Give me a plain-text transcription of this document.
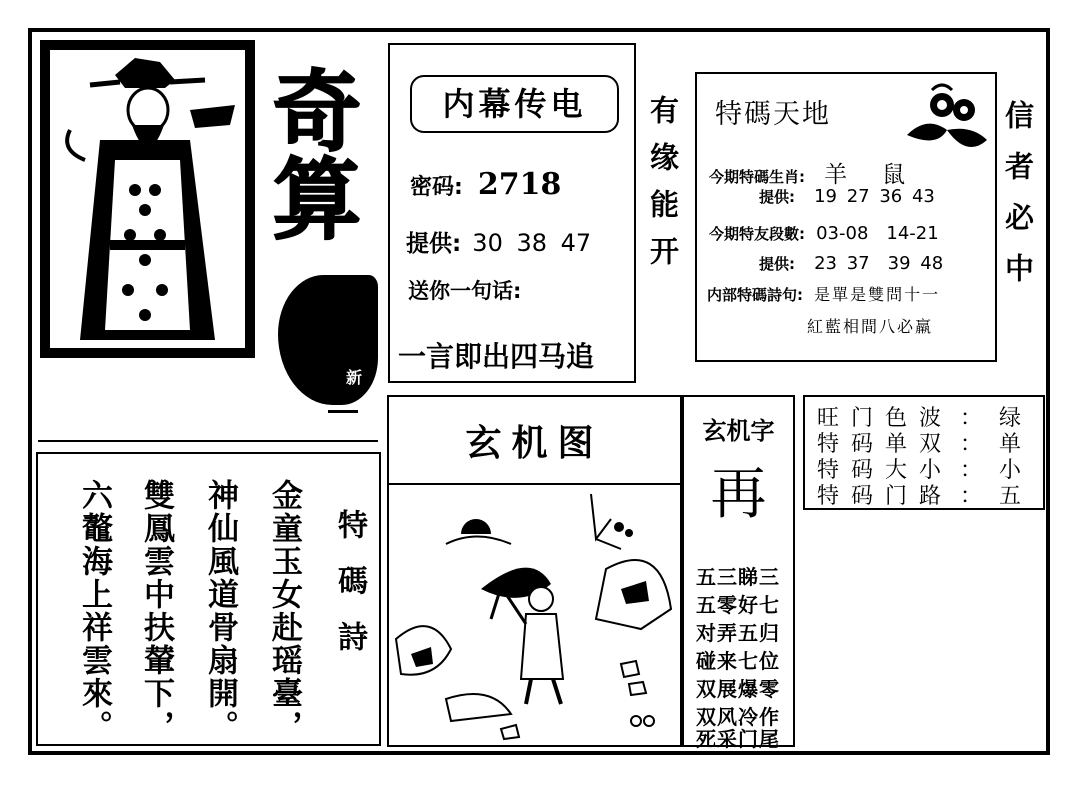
奇算
新
内幕传电
密码: 2718
提供: 30 38 47
送你一句话:
一言即出四马追
有缘能开 特碼天地
今期特碼生肖: 羊　鼠
提供: 19 27 36 43
今期特友段數: 03-08　14-21
提供: 23 37　39 48
内部特碼詩句: 是單是雙問十一
紅藍相間八必羸
信者必中
特碼詩
金童玉女赴瑶臺，
神仙風道骨扇開。
雙鳳雲中扶輦下，
六鼇海上祥雲來。
玄机图	玄机字
再
五三睇三
五零好七
对弄五归
碰来七位
双展爆零
双风冷作
死采门尾
旺门色波 ： 绿
特码单双 ： 单
特码大小 ： 小
特码门路 ： 五
